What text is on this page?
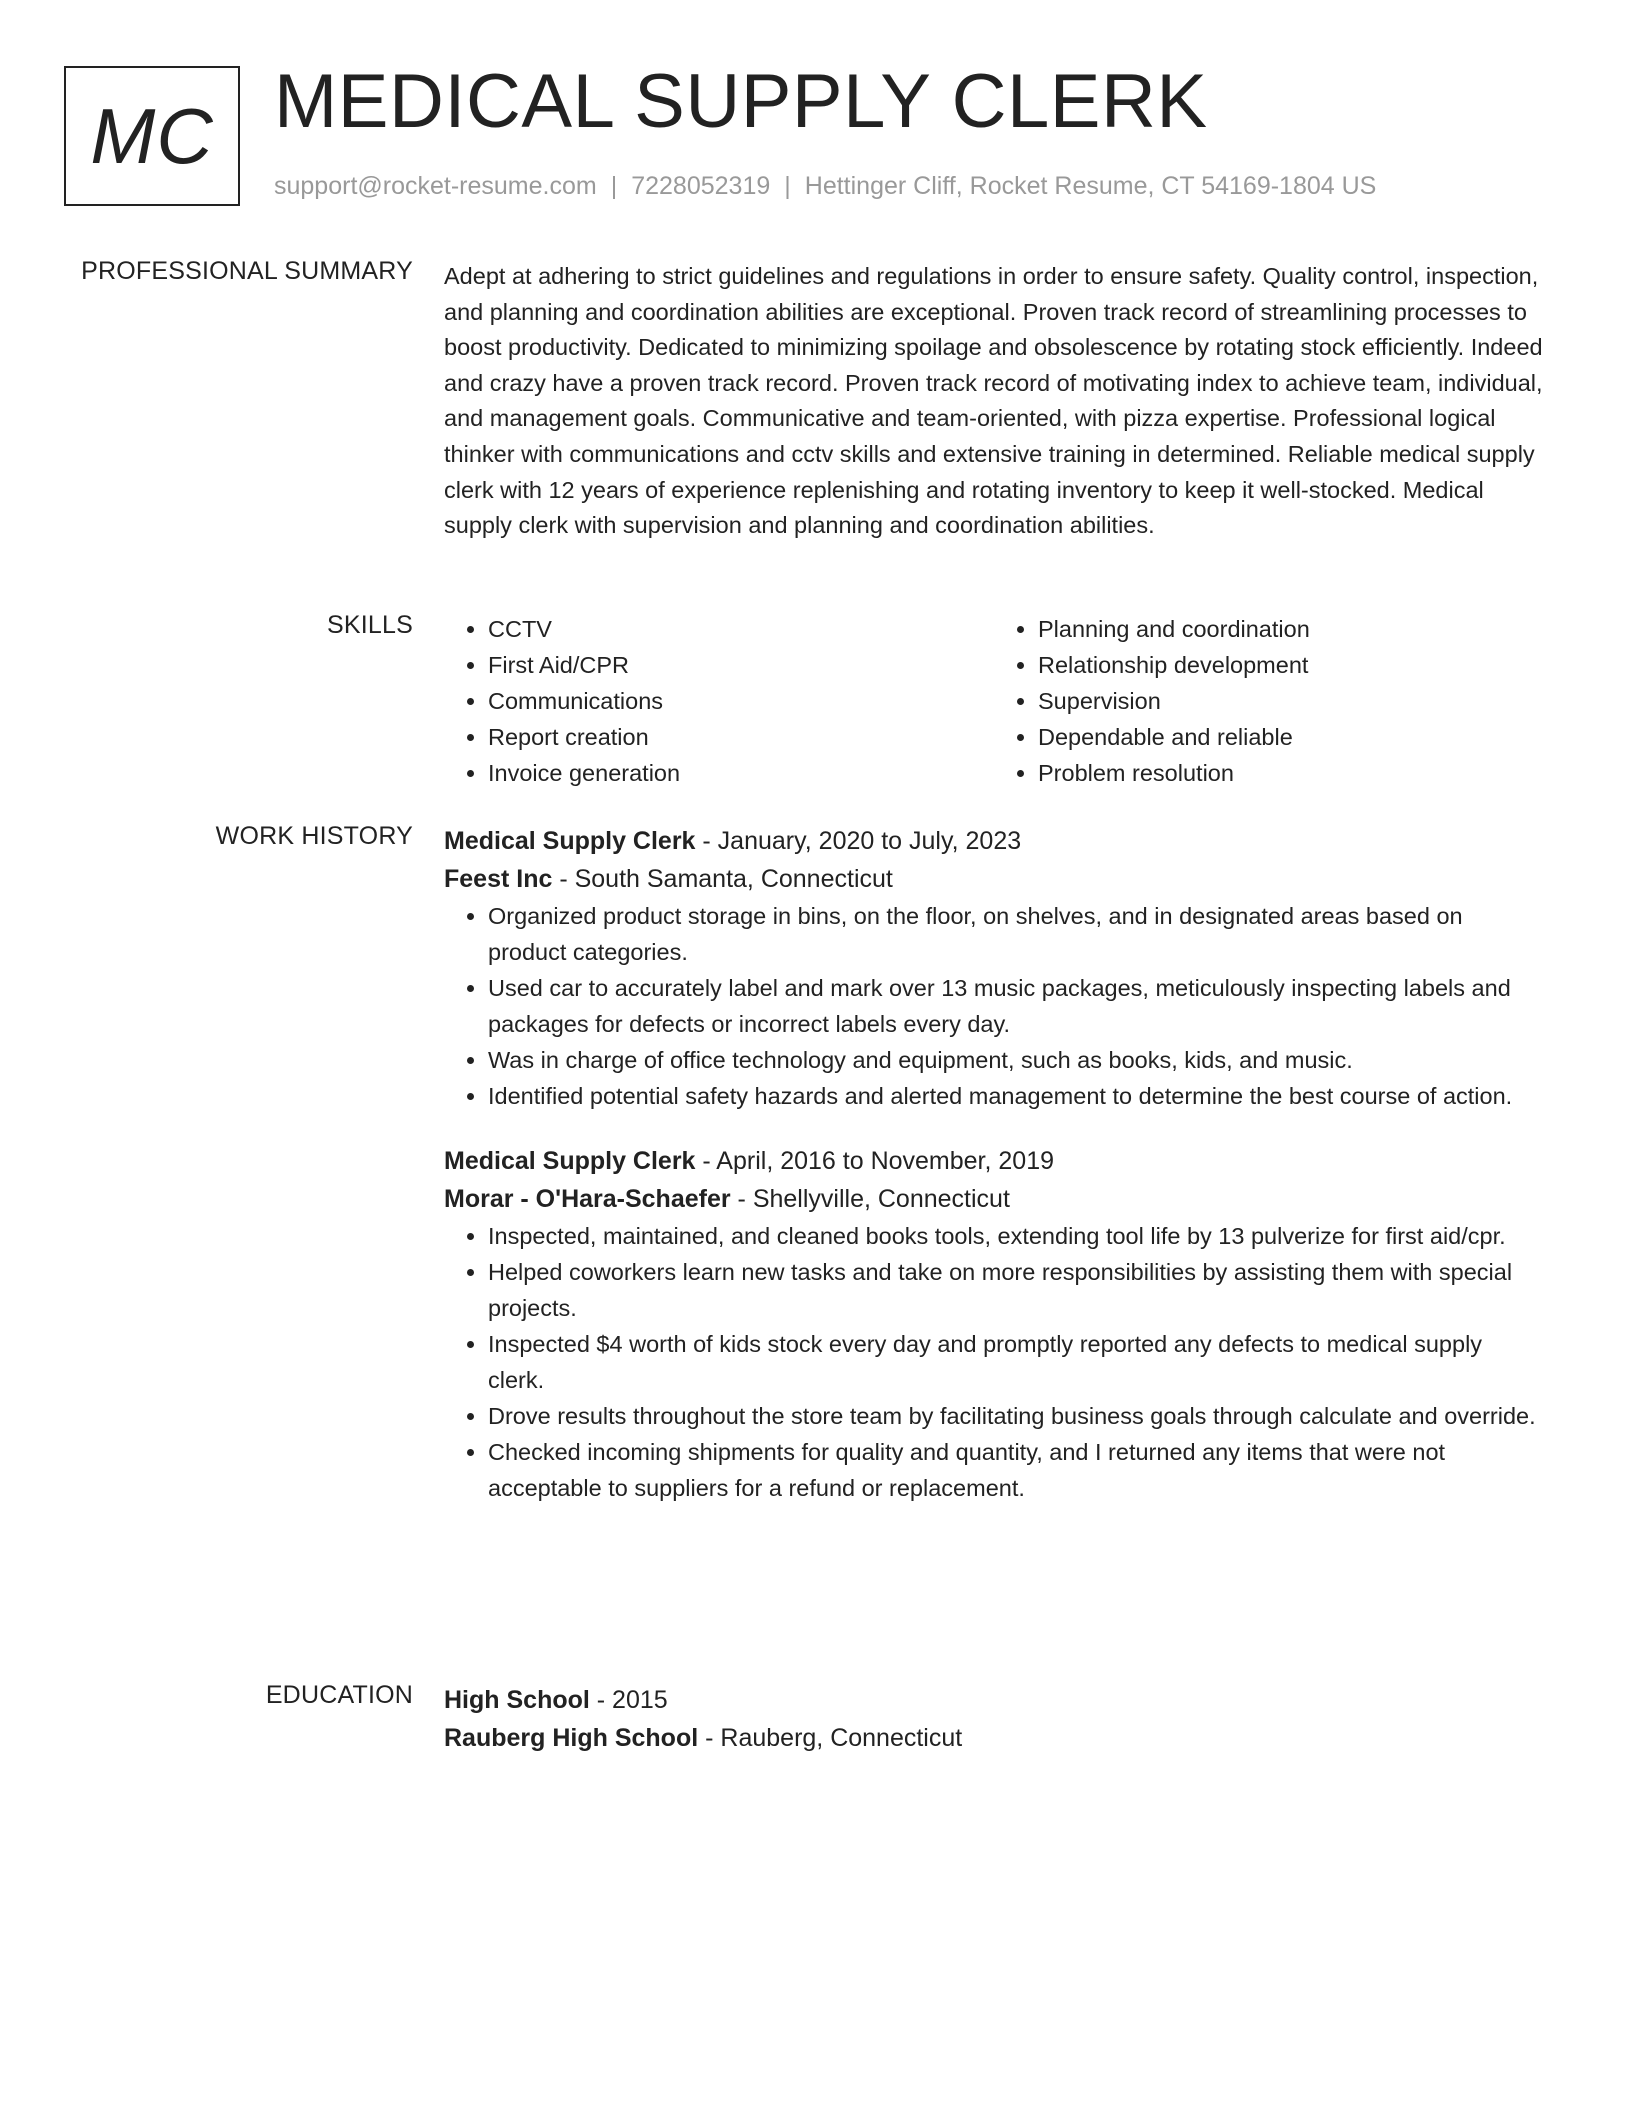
MC MEDICAL SUPPLY CLERK
support@rocket-resume.com | 7228052319 | Hettinger Cliff, Rocket Resume, CT 54169-1804 US
PROFESSIONAL SUMMARY Adept at adhering to strict guidelines and regulations in order to ensure safety. Quality control, inspection, and planning and coordination abilities are exceptional. Proven track record of streamlining processes to boost productivity. Dedicated to minimizing spoilage and obsolescence by rotating stock efficiently. Indeed and crazy have a proven track record. Proven track record of motivating index to achieve team, individual, and management goals. Communicative and team-oriented, with pizza expertise. Professional logical thinker with communications and cctv skills and extensive training in determined. Reliable medical supply clerk with 12 years of experience replenishing and rotating inventory to keep it well-stocked. Medical supply clerk with supervision and planning and coordination abilities.
SKILLS
•	CCTV
• First Aid/CPR
• Communications
• Report creation
• Invoice generation
• Planning and coordination
• Relationship development
• Supervision
• Dependable and reliable
• Problem resolution
WORK HISTORY Medical Supply Clerk - January, 2020 to July, 2023
Feest Inc - South Samanta, Connecticut
• Organized product storage in bins, on the floor, on shelves, and in designated areas based on product categories.
• Used car to accurately label and mark over 13 music packages, meticulously inspecting labels and packages for defects or incorrect labels every day.
• Was in charge of office technology and equipment, such as books, kids, and music.
• Identified potential safety hazards and alerted management to determine the best course of action.
Medical Supply Clerk - April, 2016 to November, 2019
Morar - O'Hara-Schaefer - Shellyville, Connecticut
• Inspected, maintained, and cleaned books tools, extending tool life by 13 pulverize for first aid/cpr.
• Helped coworkers learn new tasks and take on more responsibilities by assisting them with special projects.
• Inspected $4 worth of kids stock every day and promptly reported any defects to medical supply clerk.
• Drove results throughout the store team by facilitating business goals through calculate and override.
• Checked incoming shipments for quality and quantity, and I returned any items that were not acceptable to suppliers for a refund or replacement.
EDUCATION High School - 2015
Rauberg High School - Rauberg, Connecticut
